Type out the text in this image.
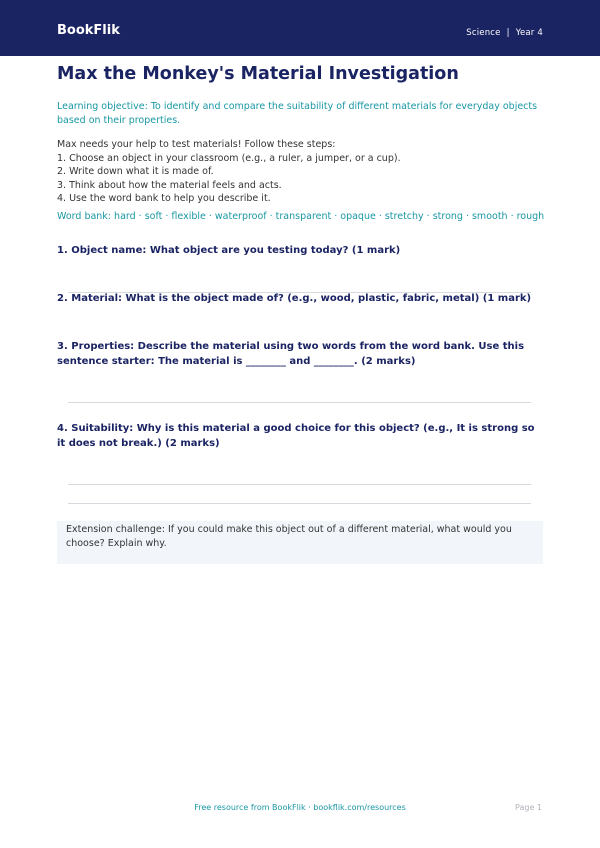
BookFlik	Science | Year 4
Max the Monkey's Material Investigation
Learning objective: To identify and compare the suitability of different materials for everyday objects based on their properties.
Max needs your help to test materials! Follow these steps:
1. Choose an object in your classroom (e.g., a ruler, a jumper, or a cup).
2. Write down what it is made of.
3. Think about how the material feels and acts.
4. Use the word bank to help you describe it.
Word bank: hard · soft · flexible · waterproof · transparent · opaque · stretchy · strong · smooth · rough
1. Object name: What object are you testing today? (1 mark)
2. Material: What is the object made of? (e.g., wood, plastic, fabric, metal) (1 mark)
3. Properties: Describe the material using two words from the word bank. Use this sentence starter: The material is ________ and ________. (2 marks)
4. Suitability: Why is this material a good choice for this object? (e.g., It is strong so it does not break.) (2 marks)
Extension challenge: If you could make this object out of a different material, what would you choose? Explain why.
Free resource from BookFlik · bookflik.com/resources	Page 1
